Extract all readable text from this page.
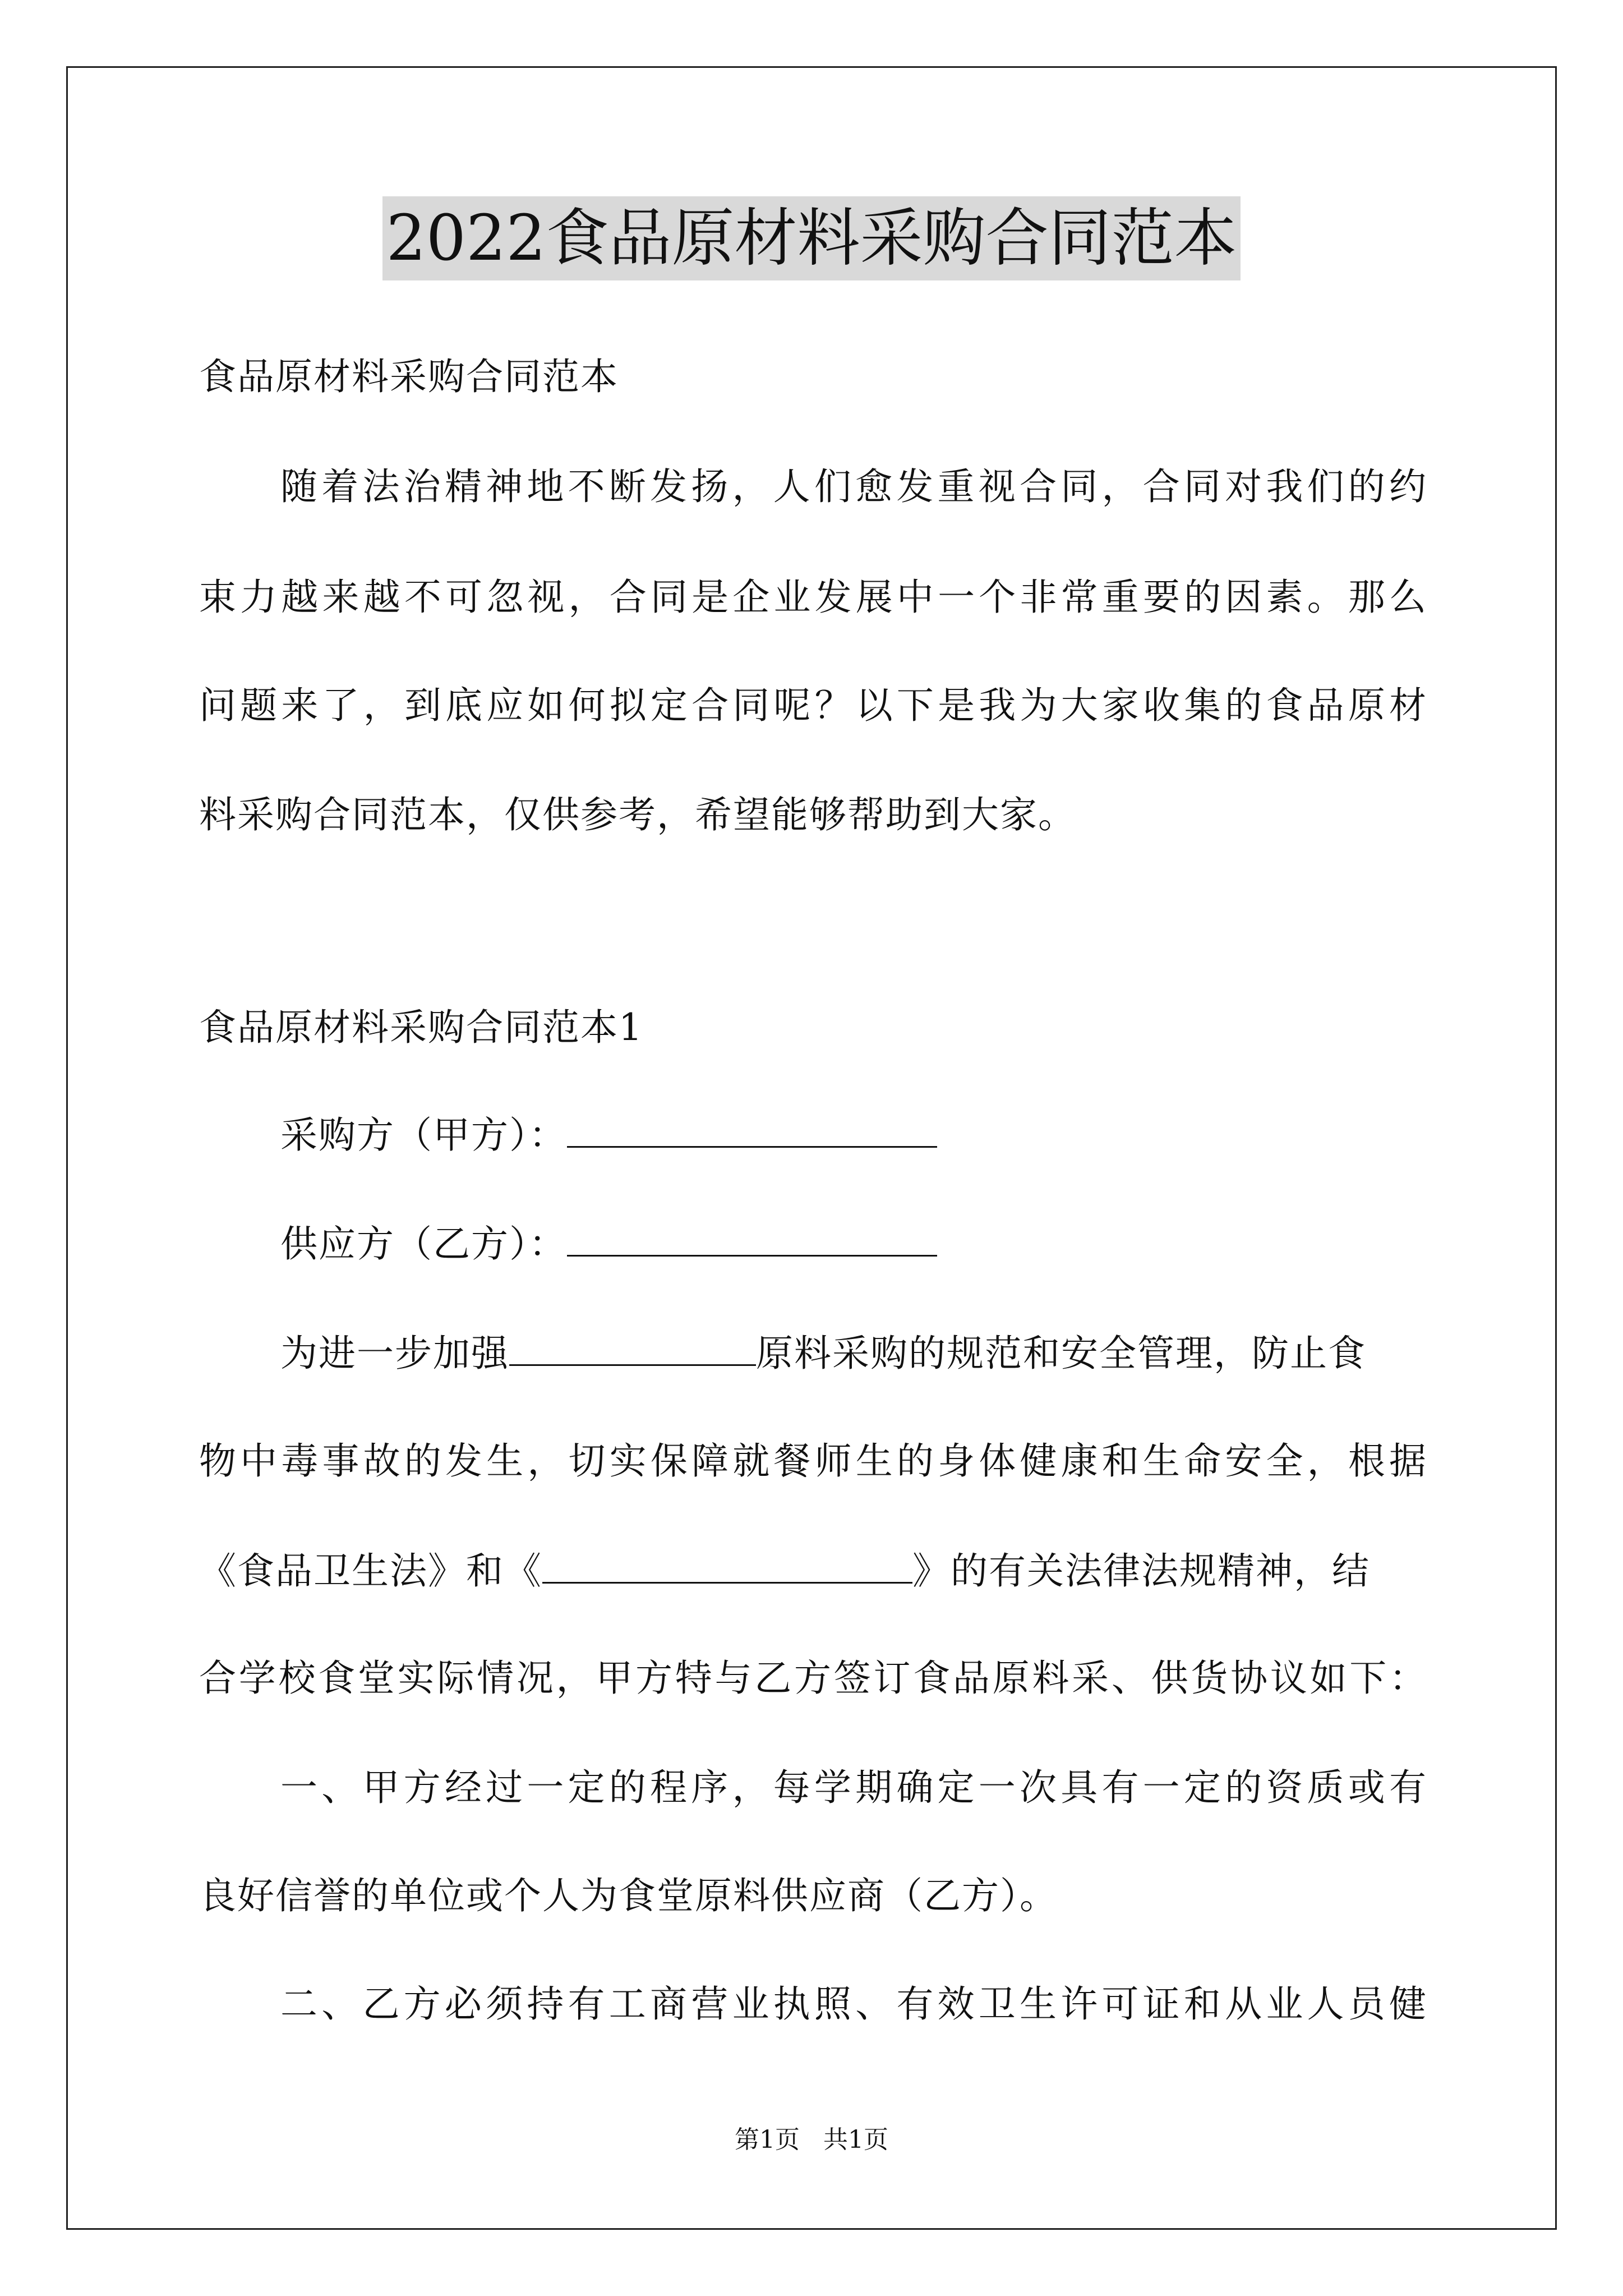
2022食品原材料采购合同范本
食品原材料采购合同范本
随着法治精神地不断发扬，人们愈发重视合同，合同对我们的约
束力越来越不可忽视，合同是企业发展中一个非常重要的因素。那么
问题来了，到底应如何拟定合同呢？以下是我为大家收集的食品原材
料采购合同范本，仅供参考，希望能够帮助到大家。
食品原材料采购合同范本1
采购方（甲方）：
供应方（乙方）：
为进一步加强	原料采购的规范和安全管理，防止食
物中毒事故的发生，切实保障就餐师生的身体健康和生命安全，根据
《食品卫生法》和《	》的有关法律法规精神，结
合学校食堂实际情况，甲方特与乙方签订食品原料采、供货协议如下：
一、甲方经过一定的程序，每学期确定一次具有一定的资质或有
良好信誉的单位或个人为食堂原料供应商（乙方）。
二、乙方必须持有工商营业执照、有效卫生许可证和从业人员健
第1页   共1页
